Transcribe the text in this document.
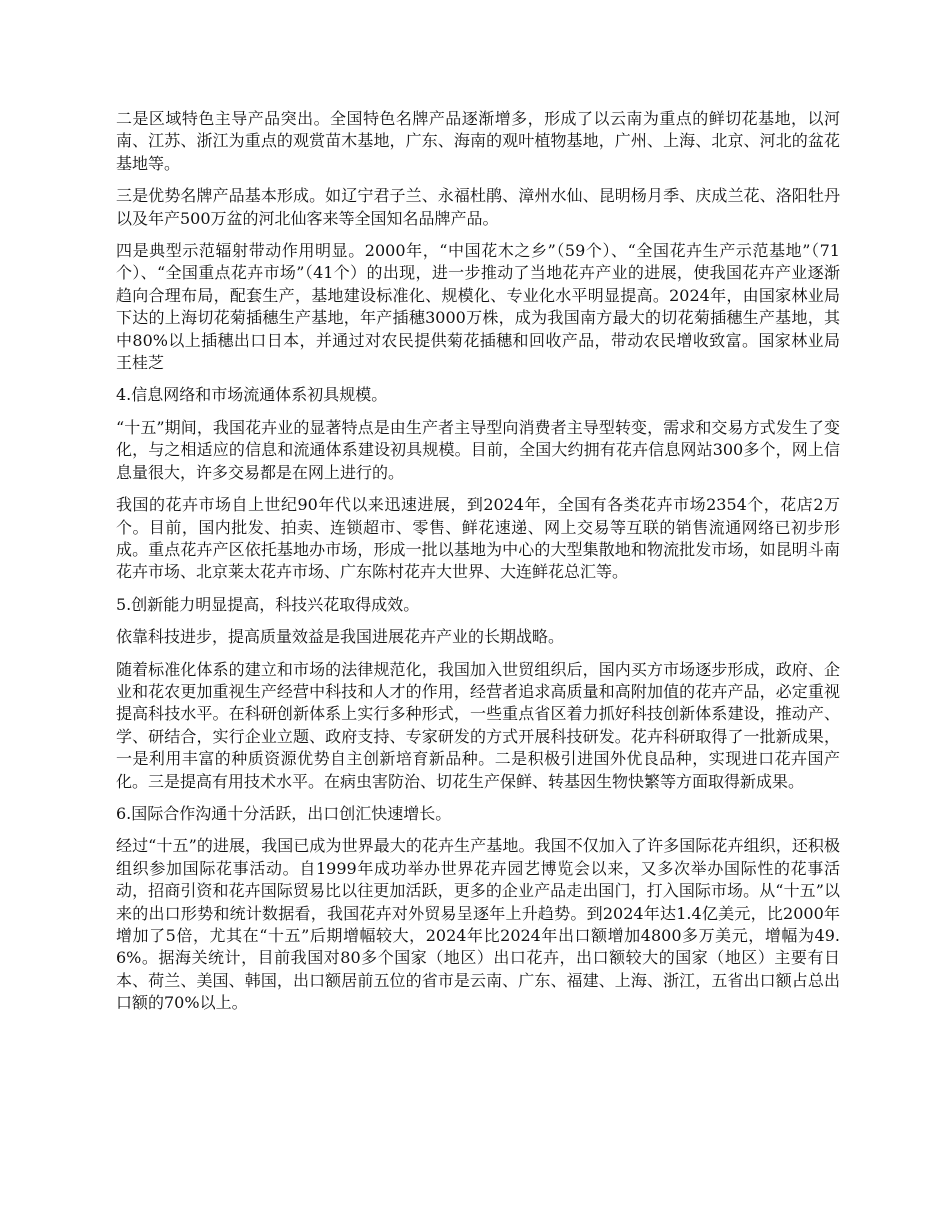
二是区域特色主导产品突出。全国特色名牌产品逐渐增多，形成了以云南为重点的鲜切花基地，以河南、江苏、浙江为重点的观赏苗木基地，广东、海南的观叶植物基地，广州、上海、北京、河北的盆花基地等。

三是优势名牌产品基本形成。如辽宁君子兰、永福杜鹃、漳州水仙、昆明杨月季、庆成兰花、洛阳牡丹以及年产500万盆的河北仙客来等全国知名品牌产品。

四是典型示范辐射带动作用明显。2000年，“中国花木之乡”（59个）、“全国花卉生产示范基地”（71个）、“全国重点花卉市场”（41个）的出现，进一步推动了当地花卉产业的进展，使我国花卉产业逐渐趋向合理布局，配套生产，基地建设标准化、规模化、专业化水平明显提高。2024年，由国家林业局下达的上海切花菊插穗生产基地，年产插穗3000万株，成为我国南方最大的切花菊插穗生产基地，其中80%以上插穗出口日本，并通过对农民提供菊花插穗和回收产品，带动农民增收致富。国家林业局 王桂芝

4.信息网络和市场流通体系初具规模。

“十五”期间，我国花卉业的显著特点是由生产者主导型向消费者主导型转变，需求和交易方式发生了变化，与之相适应的信息和流通体系建设初具规模。目前，全国大约拥有花卉信息网站300多个，网上信息量很大，许多交易都是在网上进行的。

我国的花卉市场自上世纪90年代以来迅速进展，到2024年，全国有各类花卉市场2354个，花店2万个。目前，国内批发、拍卖、连锁超市、零售、鲜花速递、网上交易等互联的销售流通网络已初步形成。重点花卉产区依托基地办市场，形成一批以基地为中心的大型集散地和物流批发市场，如昆明斗南花卉市场、北京莱太花卉市场、广东陈村花卉大世界、大连鲜花总汇等。

5.创新能力明显提高，科技兴花取得成效。

依靠科技进步，提高质量效益是我国进展花卉产业的长期战略。

随着标准化体系的建立和市场的法律规范化，我国加入世贸组织后，国内买方市场逐步形成，政府、企业和花农更加重视生产经营中科技和人才的作用，经营者追求高质量和高附加值的花卉产品，必定重视提高科技水平。在科研创新体系上实行多种形式，一些重点省区着力抓好科技创新体系建设，推动产、学、研结合，实行企业立题、政府支持、专家研发的方式开展科技研发。花卉科研取得了一批新成果，一是利用丰富的种质资源优势自主创新培育新品种。二是积极引进国外优良品种，实现进口花卉国产化。三是提高有用技术水平。在病虫害防治、切花生产保鲜、转基因生物快繁等方面取得新成果。

6.国际合作沟通十分活跃，出口创汇快速增长。

经过“十五”的进展，我国已成为世界最大的花卉生产基地。我国不仅加入了许多国际花卉组织，还积极组织参加国际花事活动。自1999年成功举办世界花卉园艺博览会以来，又多次举办国际性的花事活动，招商引资和花卉国际贸易比以往更加活跃，更多的企业产品走出国门，打入国际市场。从“十五”以来的出口形势和统计数据看，我国花卉对外贸易呈逐年上升趋势。到2024年达1.4亿美元，比2000年增加了5倍，尤其在“十五”后期增幅较大，2024年比2024年出口额增加4800多万美元，增幅为49.6%。据海关统计，目前我国对80多个国家（地区）出口花卉，出口额较大的国家（地区）主要有日本、荷兰、美国、韩国，出口额居前五位的省市是云南、广东、福建、上海、浙江，五省出口额占总出口额的70%以上。
